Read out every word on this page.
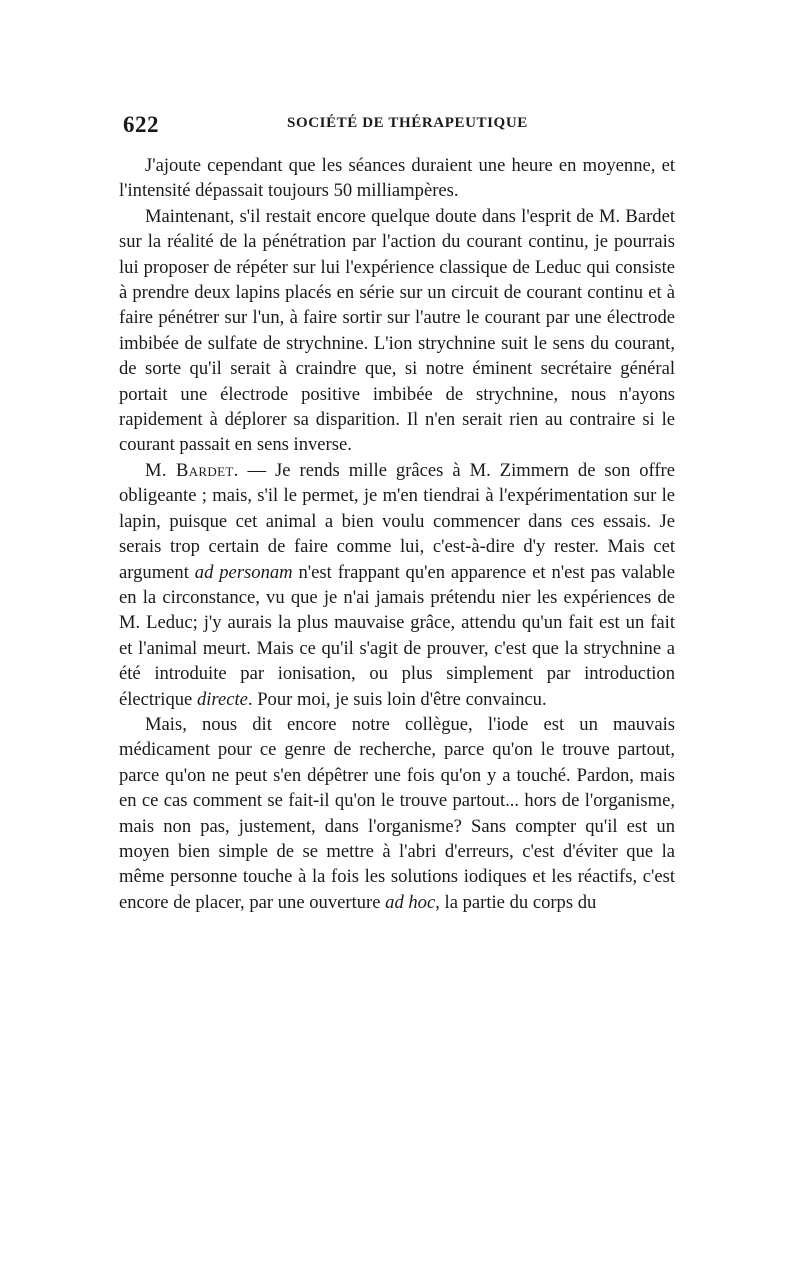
622	SOCIÉTÉ DE THÉRAPEUTIQUE

J'ajoute cependant que les séances duraient une heure en moyenne, et l'intensité dépassait toujours 50 milliampères.

Maintenant, s'il restait encore quelque doute dans l'esprit de M. Bardet sur la réalité de la pénétration par l'action du courant continu, je pourrais lui proposer de répéter sur lui l'expérience classique de Leduc qui consiste à prendre deux lapins placés en série sur un circuit de courant continu et à faire pénétrer sur l'un, à faire sortir sur l'autre le courant par une électrode imbibée de sulfate de strychnine. L'ion strychnine suit le sens du courant, de sorte qu'il serait à craindre que, si notre éminent secrétaire général portait une électrode positive imbibée de strychnine, nous n'ayons rapidement à déplorer sa disparition. Il n'en serait rien au contraire si le courant passait en sens inverse.

M. Bardet. — Je rends mille grâces à M. Zimmern de son offre obligeante ; mais, s'il le permet, je m'en tiendrai à l'expérimentation sur le lapin, puisque cet animal a bien voulu commencer dans ces essais. Je serais trop certain de faire comme lui, c'est-à-dire d'y rester. Mais cet argument ad personam n'est frappant qu'en apparence et n'est pas valable en la circonstance, vu que je n'ai jamais prétendu nier les expériences de M. Leduc; j'y aurais la plus mauvaise grâce, attendu qu'un fait est un fait et l'animal meurt. Mais ce qu'il s'agit de prouver, c'est que la strychnine a été introduite par ionisation, ou plus simplement par introduction électrique directe. Pour moi, je suis loin d'être convaincu.

Mais, nous dit encore notre collègue, l'iode est un mauvais médicament pour ce genre de recherche, parce qu'on le trouve partout, parce qu'on ne peut s'en dépêtrer une fois qu'on y a touché. Pardon, mais en ce cas comment se fait-il qu'on le trouve partout... hors de l'organisme, mais non pas, justement, dans l'organisme? Sans compter qu'il est un moyen bien simple de se mettre à l'abri d'erreurs, c'est d'éviter que la même personne touche à la fois les solutions iodiques et les réactifs, c'est encore de placer, par une ouverture ad hoc, la partie du corps du
